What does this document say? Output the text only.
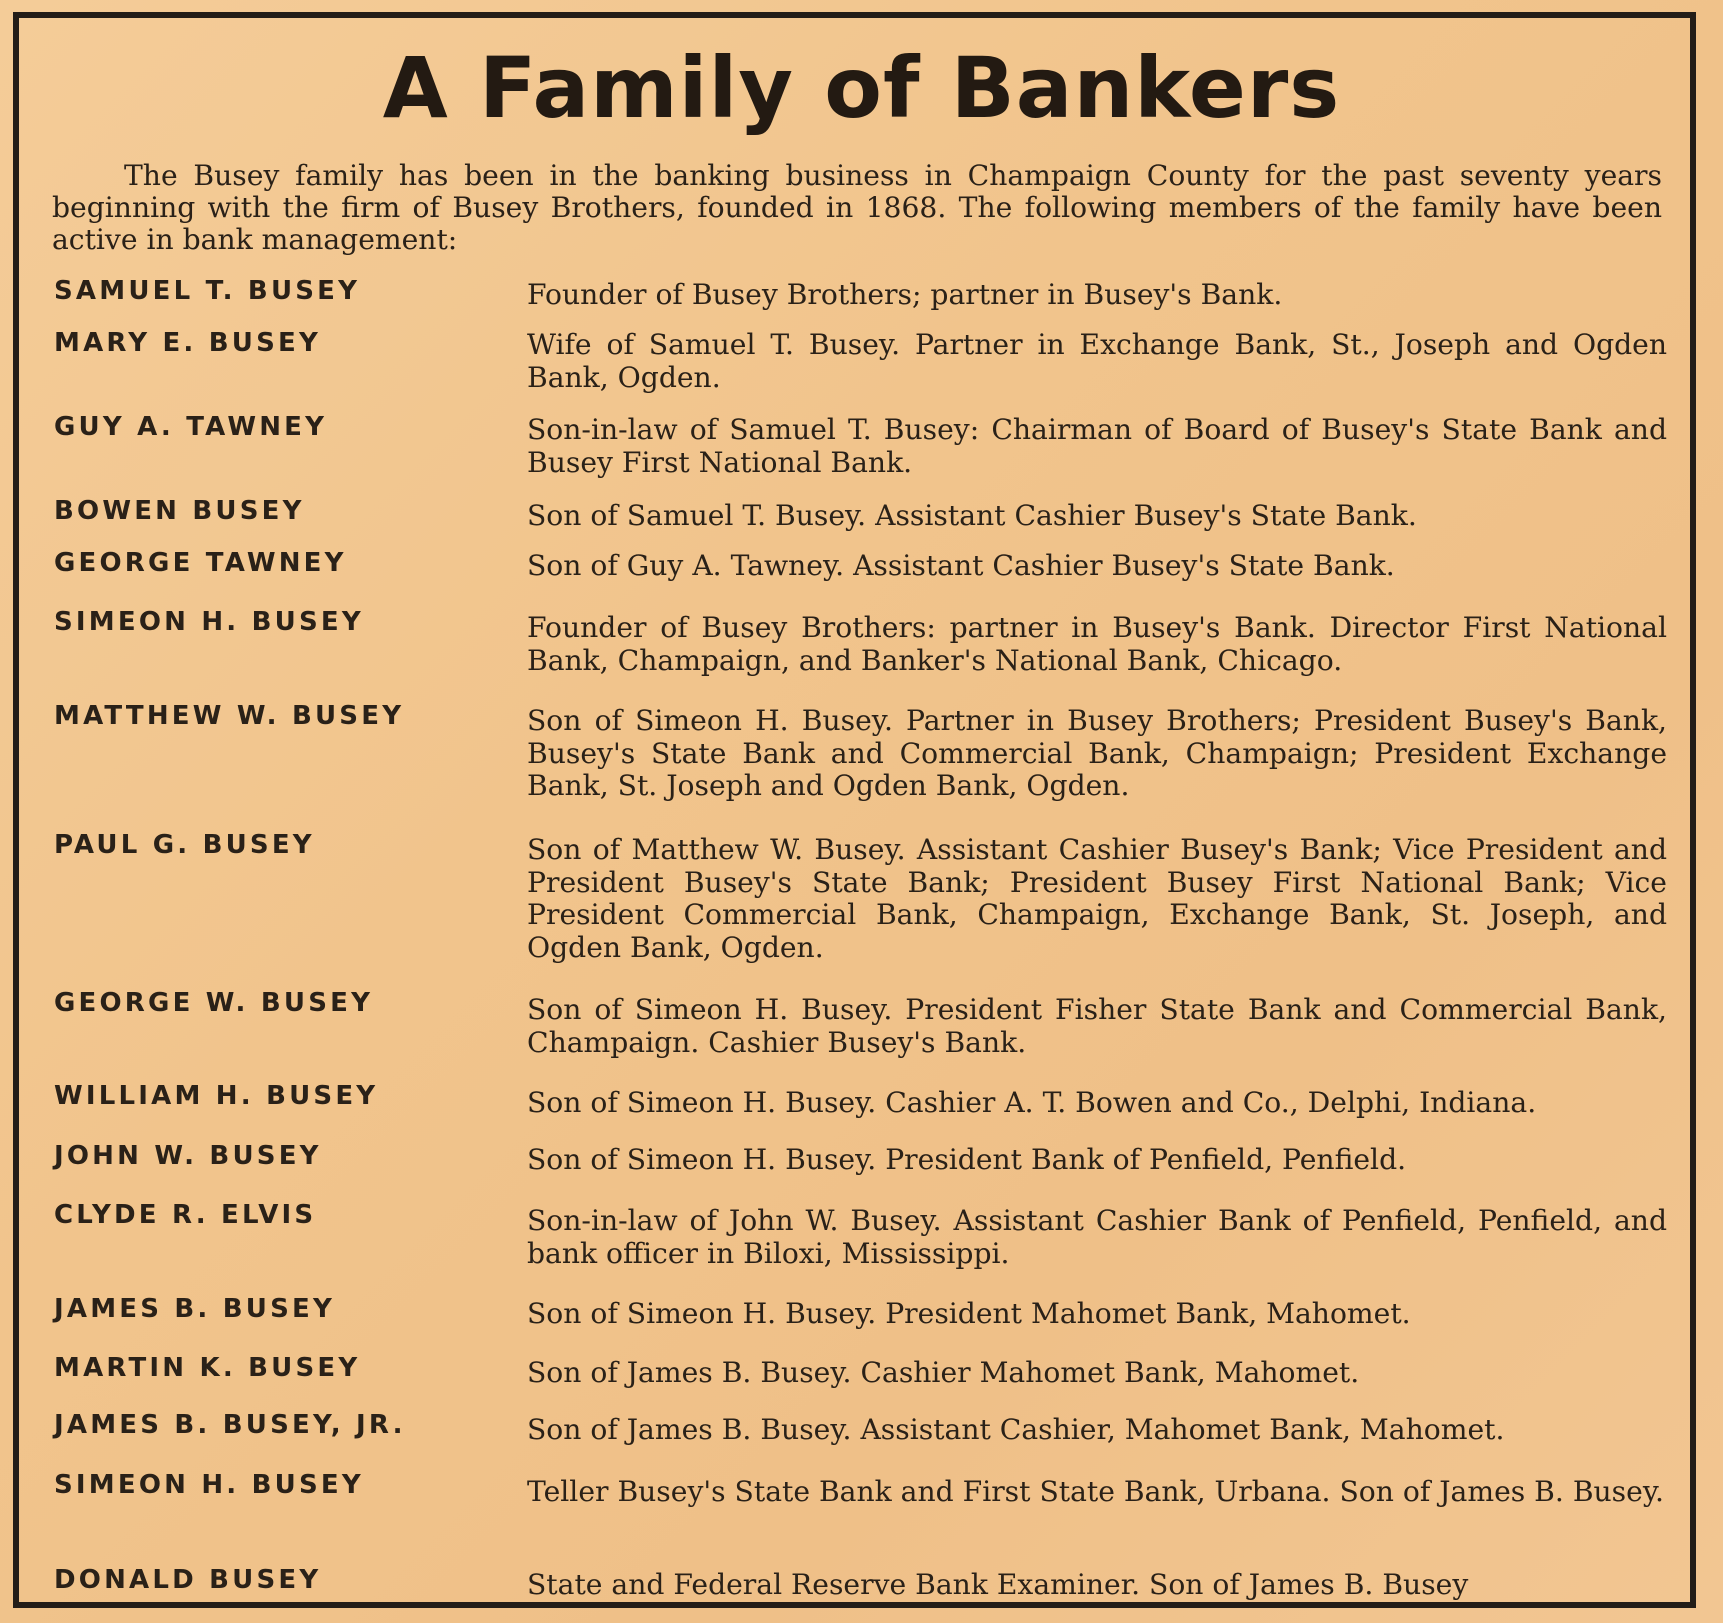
A Family of Bankers

The Busey family has been in the banking business in Champaign County for the past seventy years beginning with the firm of Busey Brothers, founded in 1868. The following members of the family have been active in bank management:

SAMUEL T. BUSEY	Founder of Busey Brothers; partner in Busey's Bank.

MARY E. BUSEY	Wife of Samuel T. Busey. Partner in Exchange Bank, St., Joseph and Ogden Bank, Ogden.

GUY A. TAWNEY	Son-in-law of Samuel T. Busey: Chairman of Board of Busey's State Bank and Busey First National Bank.

BOWEN BUSEY	Son of Samuel T. Busey. Assistant Cashier Busey's State Bank.

GEORGE TAWNEY	Son of Guy A. Tawney. Assistant Cashier Busey's State Bank.

SIMEON H. BUSEY	Founder of Busey Brothers: partner in Busey's Bank. Director First National Bank, Champaign, and Banker's National Bank, Chicago.

MATTHEW W. BUSEY	Son of Simeon H. Busey. Partner in Busey Brothers; President Busey's Bank, Busey's State Bank and Commercial Bank, Champaign; President Exchange Bank, St. Joseph and Ogden Bank, Ogden.

PAUL G. BUSEY	Son of Matthew W. Busey. Assistant Cashier Busey's Bank; Vice President and President Busey's State Bank; President Busey First National Bank; Vice President Commercial Bank, Champaign, Exchange Bank, St. Joseph, and Ogden Bank, Ogden.

GEORGE W. BUSEY	Son of Simeon H. Busey. President Fisher State Bank and Commercial Bank, Champaign. Cashier Busey's Bank.

WILLIAM H. BUSEY	Son of Simeon H. Busey. Cashier A. T. Bowen and Co., Delphi, Indiana.

JOHN W. BUSEY	Son of Simeon H. Busey. President Bank of Penfield, Penfield.

CLYDE R. ELVIS	Son-in-law of John W. Busey. Assistant Cashier Bank of Penfield, Penfield, and bank officer in Biloxi, Mississippi.

JAMES B. BUSEY	Son of Simeon H. Busey. President Mahomet Bank, Mahomet.

MARTIN K. BUSEY	Son of James B. Busey. Cashier Mahomet Bank, Mahomet.

JAMES B. BUSEY, JR.	Son of James B. Busey. Assistant Cashier, Mahomet Bank, Mahomet.

SIMEON H. BUSEY	Teller Busey's State Bank and First State Bank, Urbana. Son of James B. Busey.

DONALD BUSEY	State and Federal Reserve Bank Examiner. Son of James B. Busey
